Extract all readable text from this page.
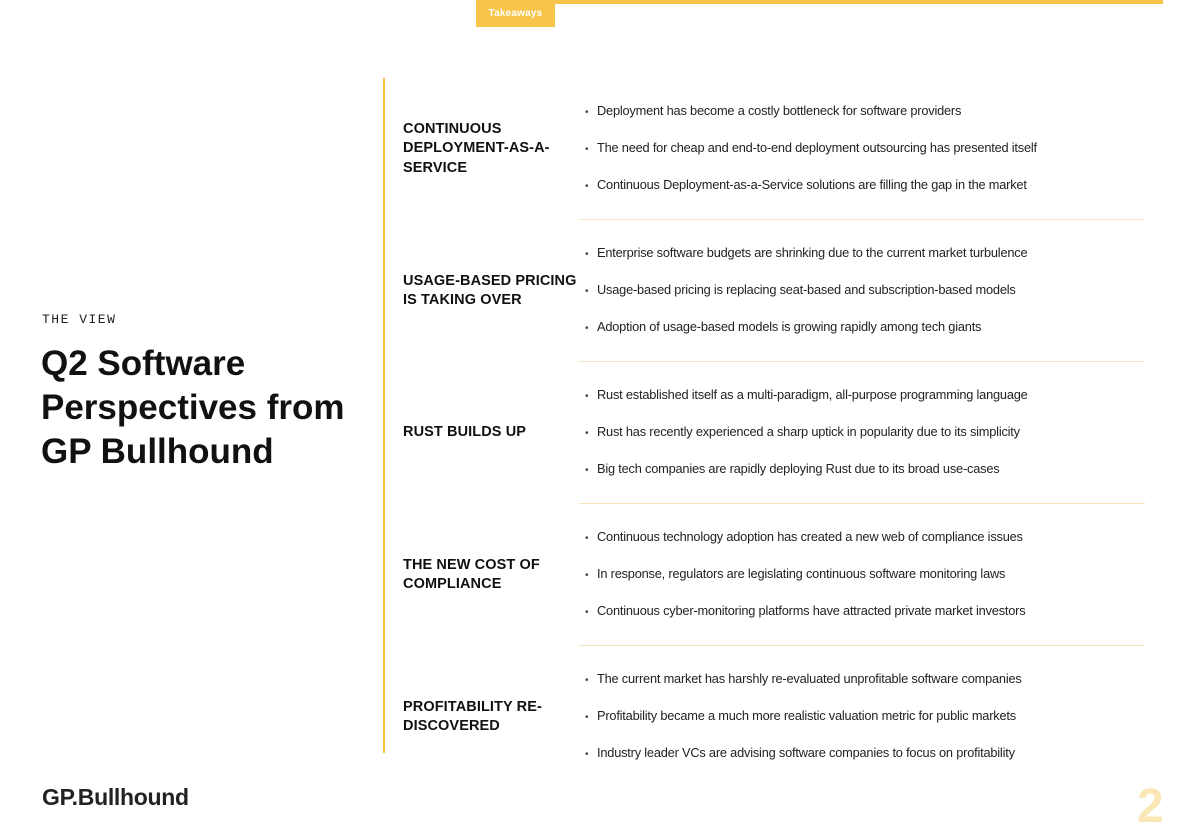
Takeaways
THE VIEW
Q2 Software Perspectives from GP Bullhound
CONTINUOUS DEPLOYMENT-AS-A-SERVICE
• Deployment has become a costly bottleneck for software providers
• The need for cheap and end-to-end deployment outsourcing has presented itself
• Continuous Deployment-as-a-Service solutions are filling the gap in the market
USAGE-BASED PRICING IS TAKING OVER
• Enterprise software budgets are shrinking due to the current market turbulence
• Usage-based pricing is replacing seat-based and subscription-based models
• Adoption of usage-based models is growing rapidly among tech giants
RUST BUILDS UP
• Rust established itself as a multi-paradigm, all-purpose programming language
• Rust has recently experienced a sharp uptick in popularity due to its simplicity
• Big tech companies are rapidly deploying Rust due to its broad use-cases
THE NEW COST OF COMPLIANCE
• Continuous technology adoption has created a new web of compliance issues
• In response, regulators are legislating continuous software monitoring laws
• Continuous cyber-monitoring platforms have attracted private market investors
PROFITABILITY RE-DISCOVERED
• The current market has harshly re-evaluated unprofitable software companies
• Profitability became a much more realistic valuation metric for public markets
• Industry leader VCs are advising software companies to focus on profitability
GP.Bullhound	2
